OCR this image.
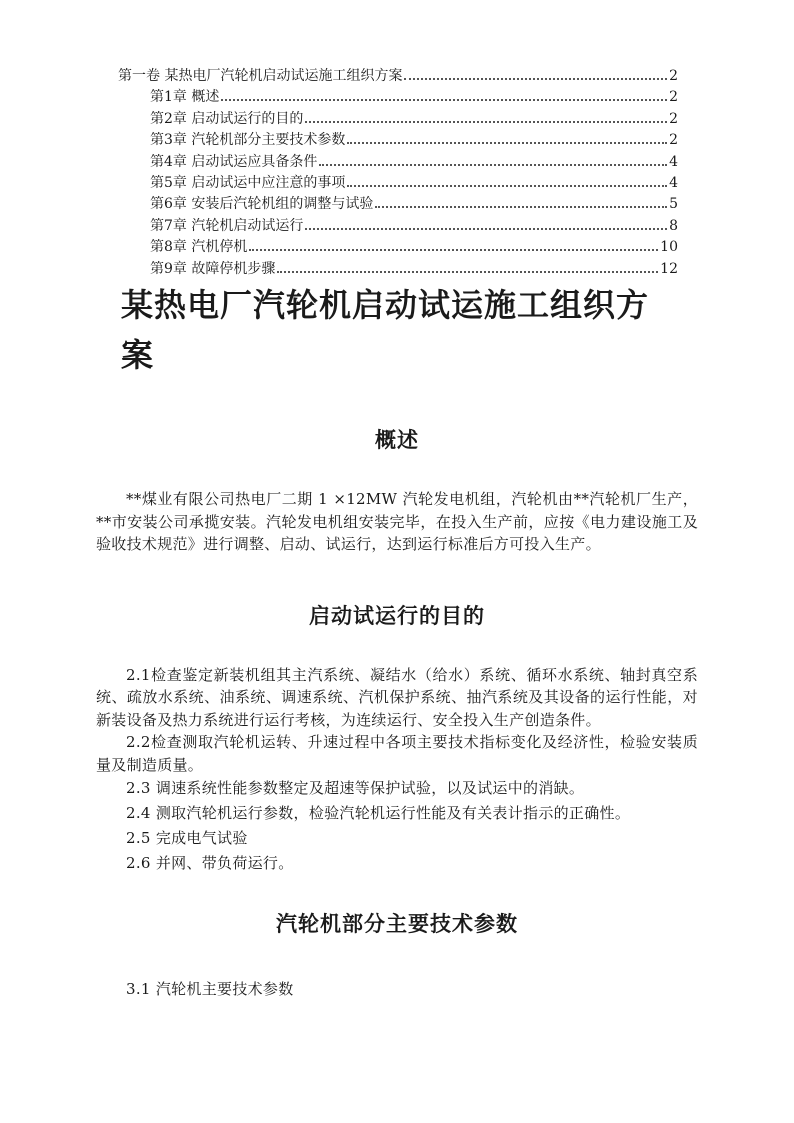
第一卷 某热电厂汽轮机启动试运施工组织方案	2
第1章 概述	2
第2章 启动试运行的目的	2
第3章 汽轮机部分主要技术参数	2
第4章 启动试运应具备条件	4
第5章 启动试运中应注意的事项	4
第6章 安装后汽轮机组的调整与试验	5
第7章 汽轮机启动试运行	8
第8章 汽机停机	10
第9章 故障停机步骤	12
某热电厂汽轮机启动试运施工组织方案
概述

**煤业有限公司热电厂二期 1 ×12MW 汽轮发电机组，汽轮机由**汽轮机厂生产，**市安装公司承揽安装。汽轮发电机组安装完毕，在投入生产前，应按《电力建设施工及验收技术规范》进行调整、启动、试运行，达到运行标准后方可投入生产。

启动试运行的目的

2.1检查鉴定新装机组其主汽系统、凝结水（给水）系统、循环水系统、轴封真空系统、疏放水系统、油系统、调速系统、汽机保护系统、抽汽系统及其设备的运行性能，对新装设备及热力系统进行运行考核，为连续运行、安全投入生产创造条件。

2.2检查测取汽轮机运转、升速过程中各项主要技术指标变化及经济性，检验安装质量及制造质量。

2.3 调速系统性能参数整定及超速等保护试验，以及试运中的消缺。

2.4 测取汽轮机运行参数，检验汽轮机运行性能及有关表计指示的正确性。

2.5 完成电气试验

2.6 并网、带负荷运行。

汽轮机部分主要技术参数

3.1 汽轮机主要技术参数
